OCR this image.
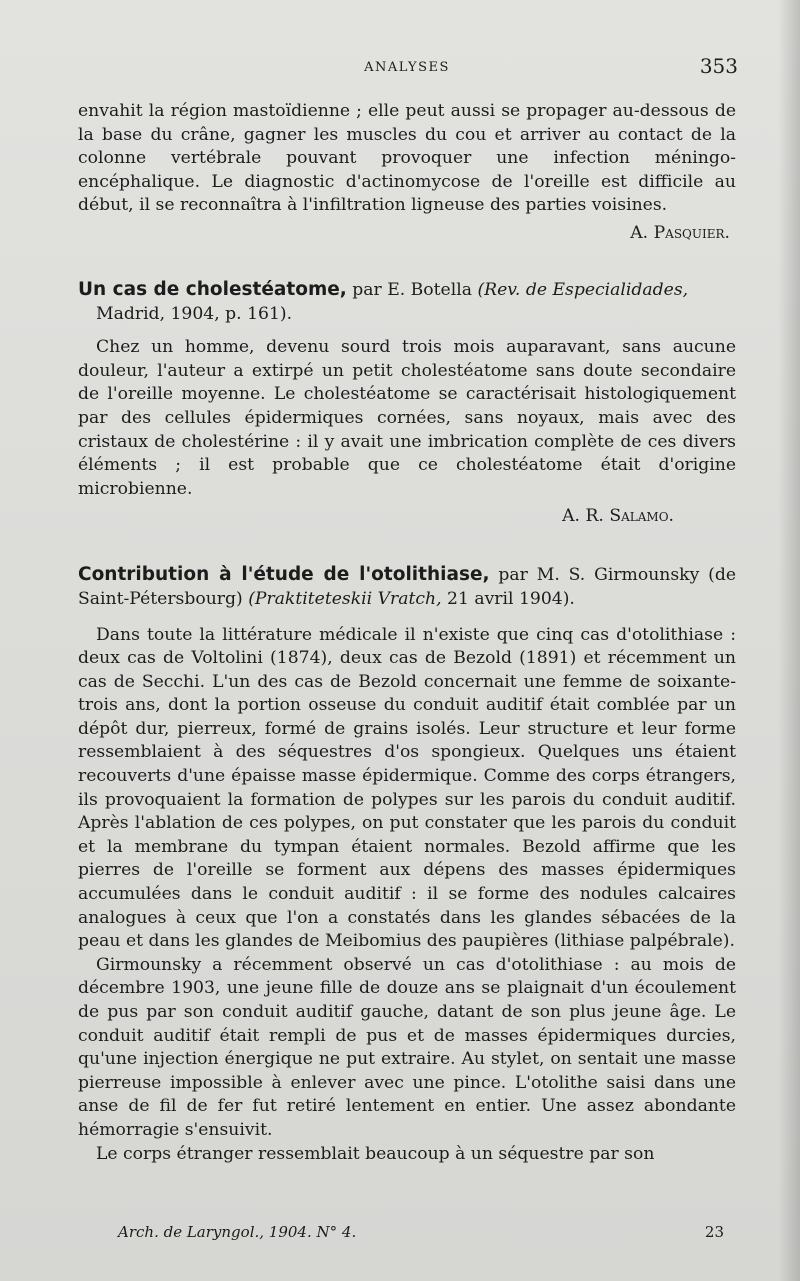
ANALYSES	353

envahit la région mastoïdienne ; elle peut aussi se propager au-dessous de la base du crâne, gagner les muscles du cou et arriver au contact de la colonne vertébrale pouvant provoquer une infection méningo-encéphalique. Le diagnostic d'actinomycose de l'oreille est difficile au début, il se reconnaîtra à l'infiltration ligneuse des parties voisines.

A. Pasquier.
Un cas de cholestéatome, par E. Botella (Rev. de Especialidades,
Madrid, 1904, p. 161).

Chez un homme, devenu sourd trois mois auparavant, sans aucune douleur, l'auteur a extirpé un petit cholestéatome sans doute secondaire de l'oreille moyenne. Le cholestéatome se caractérisait histologiquement par des cellules épidermiques cornées, sans noyaux, mais avec des cristaux de cholestérine : il y avait une imbrication complète de ces divers éléments ; il est probable que ce cholestéatome était d'origine microbienne.

A. R. Salamo.
Contribution à l'étude de l'otolithiase, par M. S. Girmounsky (de Saint-Pétersbourg) (Praktiteteskii Vratch, 21 avril 1904).

Dans toute la littérature médicale il n'existe que cinq cas d'otolithiase : deux cas de Voltolini (1874), deux cas de Bezold (1891) et récemment un cas de Secchi. L'un des cas de Bezold concernait une femme de soixante-trois ans, dont la portion osseuse du conduit auditif était comblée par un dépôt dur, pierreux, formé de grains isolés. Leur structure et leur forme ressemblaient à des séquestres d'os spongieux. Quelques uns étaient recouverts d'une épaisse masse épidermique. Comme des corps étrangers, ils provoquaient la formation de polypes sur les parois du conduit auditif. Après l'ablation de ces polypes, on put constater que les parois du conduit et la membrane du tympan étaient normales. Bezold affirme que les pierres de l'oreille se forment aux dépens des masses épidermiques accumulées dans le conduit auditif : il se forme des nodules calcaires analogues à ceux que l'on a constatés dans les glandes sébacées de la peau et dans les glandes de Meibomius des paupières (lithiase palpébrale).

Girmounsky a récemment observé un cas d'otolithiase : au mois de décembre 1903, une jeune fille de douze ans se plaignait d'un écoulement de pus par son conduit auditif gauche, datant de son plus jeune âge. Le conduit auditif était rempli de pus et de masses épidermiques durcies, qu'une injection énergique ne put extraire. Au stylet, on sentait une masse pierreuse impossible à enlever avec une pince. L'otolithe saisi dans une anse de fil de fer fut retiré lentement en entier. Une assez abondante hémorragie s'ensuivit.

Le corps étranger ressemblait beaucoup à un séquestre par son

Arch. de Laryngol., 1904. N° 4.	23
